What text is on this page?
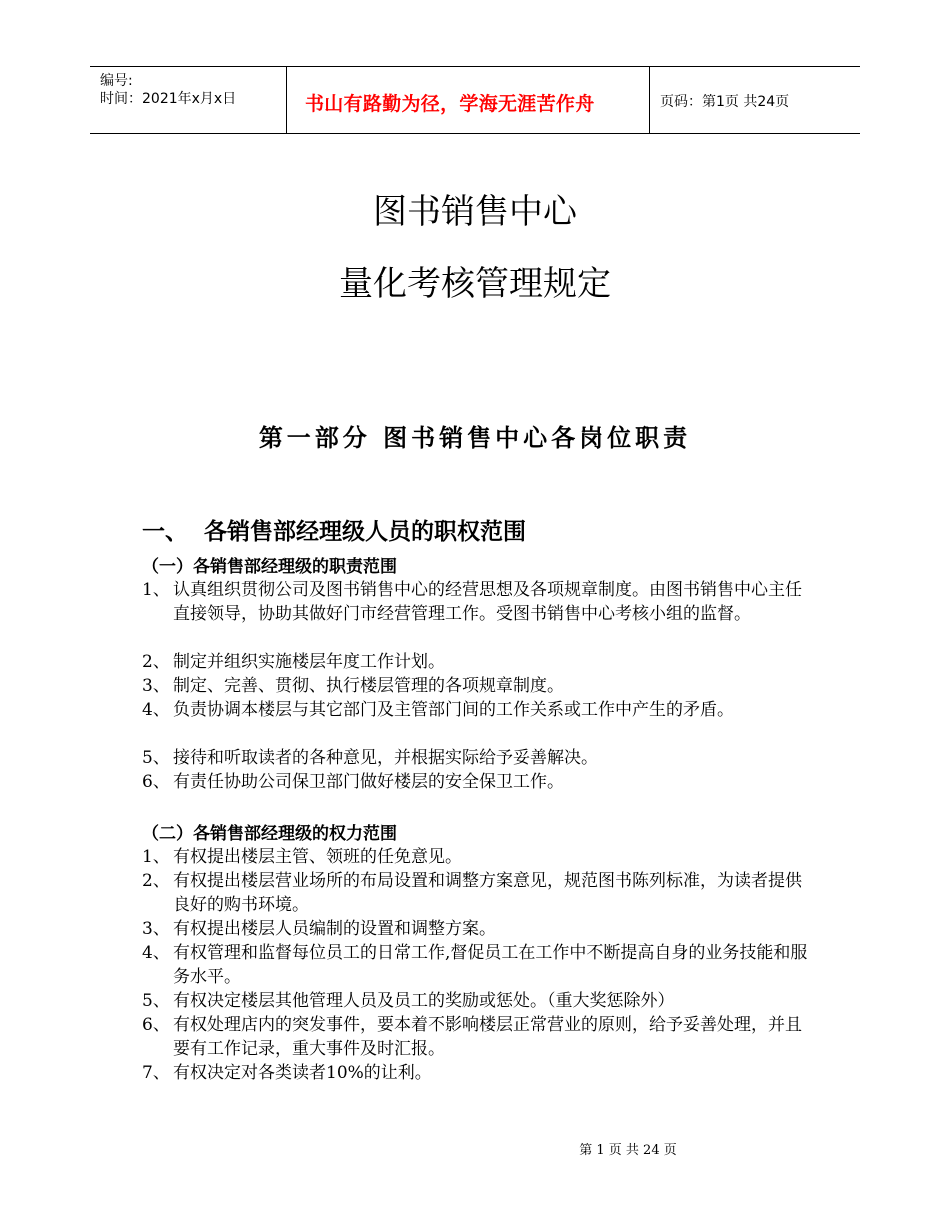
编号:
时间：2021年x月x日	书山有路勤为径，学海无涯苦作舟	页码：第1页 共24页
图书销售中心
量化考核管理规定
第一部分 图书销售中心各岗位职责
一、 各销售部经理级人员的职权范围
（一）各销售部经理级的职责范围
1、 认真组织贯彻公司及图书销售中心的经营思想及各项规章制度。由图书销售中心主任直接领导，协助其做好门市经营管理工作。受图书销售中心考核小组的监督。
2、 制定并组织实施楼层年度工作计划。
3、 制定、完善、贯彻、执行楼层管理的各项规章制度。
4、 负责协调本楼层与其它部门及主管部门间的工作关系或工作中产生的矛盾。
5、 接待和听取读者的各种意见，并根据实际给予妥善解决。
6、 有责任协助公司保卫部门做好楼层的安全保卫工作。
（二）各销售部经理级的权力范围
1、 有权提出楼层主管、领班的任免意见。
2、 有权提出楼层营业场所的布局设置和调整方案意见，规范图书陈列标准，为读者提供良好的购书环境。
3、 有权提出楼层人员编制的设置和调整方案。
4、 有权管理和监督每位员工的日常工作,督促员工在工作中不断提高自身的业务技能和服务水平。
5、 有权决定楼层其他管理人员及员工的奖励或惩处。（重大奖惩除外）
6、 有权处理店内的突发事件，要本着不影响楼层正常营业的原则，给予妥善处理，并且要有工作记录，重大事件及时汇报。
7、 有权决定对各类读者10%的让利。
第 1 页 共 24 页
